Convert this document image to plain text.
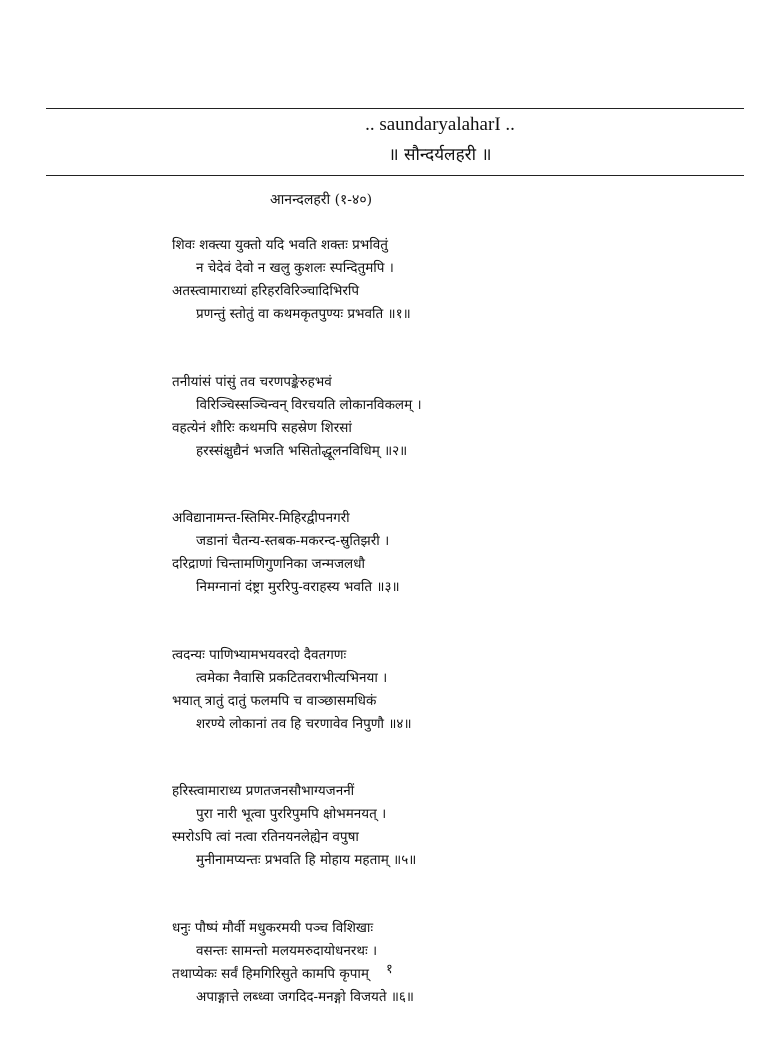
.. saundaryalaharI ..
॥ सौन्दर्यलहरी ॥
आनन्दलहरी (१-४०)
शिवः शक्त्या युक्तो यदि भवति शक्तः प्रभवितुं
न चेदेवं देवो न खलु कुशलः स्पन्दितुमपि ।
अतस्त्वामाराध्यां हरिहरविरिञ्चादिभिरपि
प्रणन्तुं स्तोतुं वा कथमकृतपुण्यः प्रभवति ॥१॥
तनीयांसं पांसुं तव चरणपङ्केरुहभवं
विरिञ्चिस्सञ्चिन्वन् विरचयति लोकानविकलम् ।
वहत्येनं शौरिः कथमपि सहस्रेण शिरसां
हरस्संक्षुद्यैनं भजति भसितोद्धूलनविधिम् ॥२॥
अविद्यानामन्त-स्तिमिर-मिहिरद्वीपनगरी
जडानां चैतन्य-स्तबक-मकरन्द-स्रुतिझरी ।
दरिद्राणां चिन्तामणिगुणनिका जन्मजलधौ
निमग्नानां दंष्ट्रा मुररिपु-वराहस्य भवति ॥३॥
त्वदन्यः पाणिभ्यामभयवरदो दैवतगणः
त्वमेका नैवासि प्रकटितवराभीत्यभिनया ।
भयात् त्रातुं दातुं फलमपि च वाञ्छासमधिकं
शरण्ये लोकानां तव हि चरणावेव निपुणौ ॥४॥
हरिस्त्वामाराध्य प्रणतजनसौभाग्यजननीं
पुरा नारी भूत्वा पुररिपुमपि क्षोभमनयत् ।
स्मरोऽपि त्वां नत्वा रतिनयनलेह्येन वपुषा
मुनीनामप्यन्तः प्रभवति हि मोहाय महताम् ॥५॥
धनुः पौष्पं मौर्वी मधुकरमयी पञ्च विशिखाः
वसन्तः सामन्तो मलयमरुदायोधनरथः ।
तथाप्येकः सर्वं हिमगिरिसुते कामपि कृपाम्
अपाङ्गात्ते लब्ध्वा जगदिद-मनङ्गो विजयते ॥६॥
१
